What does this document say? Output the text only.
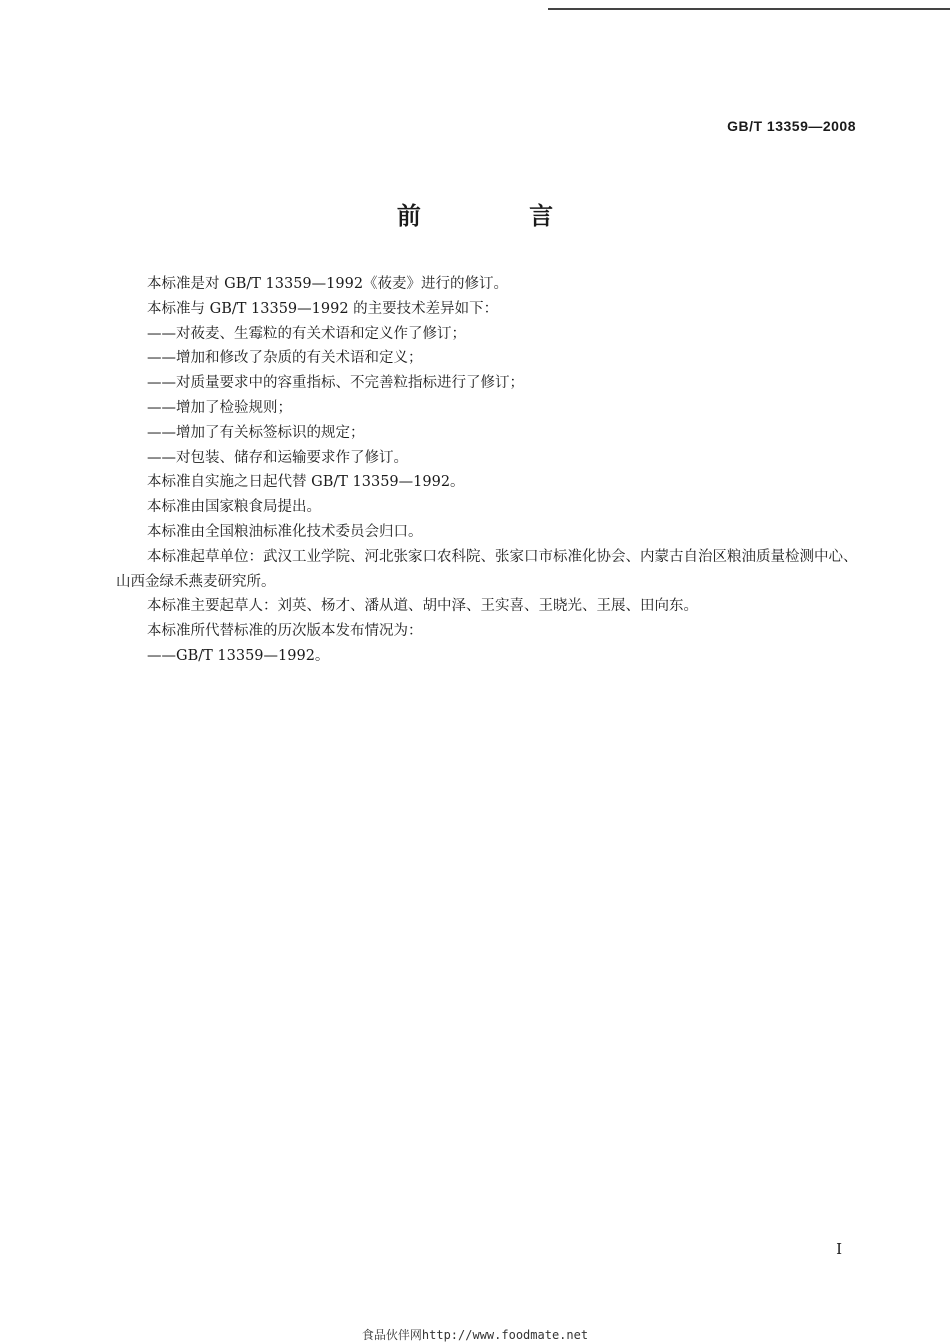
GB/T 13359—2008
前 言

本标准是对 GB/T 13359—1992《莜麦》进行的修订。

本标准与 GB/T 13359—1992 的主要技术差异如下：

——对莜麦、生霉粒的有关术语和定义作了修订；

——增加和修改了杂质的有关术语和定义；

——对质量要求中的容重指标、不完善粒指标进行了修订；

——增加了检验规则；

——增加了有关标签标识的规定；

——对包装、储存和运输要求作了修订。

本标准自实施之日起代替 GB/T 13359—1992。

本标准由国家粮食局提出。

本标准由全国粮油标准化技术委员会归口。

本标准起草单位：武汉工业学院、河北张家口农科院、张家口市标准化协会、内蒙古自治区粮油质量检测中心、山西金绿禾燕麦研究所。

本标准主要起草人：刘英、杨才、潘从道、胡中泽、王实喜、王晓光、王展、田向东。

本标准所代替标准的历次版本发布情况为：

——GB/T 13359—1992。

I
食品伙伴网http://www.foodmate.net
